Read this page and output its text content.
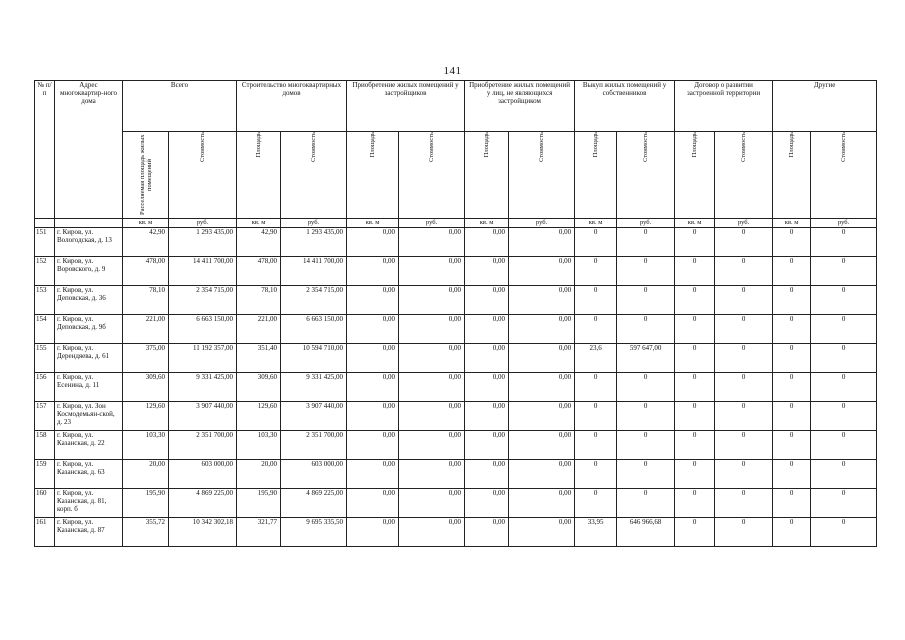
141
№ п/п	Адрес многоквартир-ного дома	Всего		Строительство многоквартирных домов		Приобретение жилых помещений у застройщиков		Приобретение жилых помещений у лиц, не являющихся застройщиком		Выкуп жилых помещений у собственников		Договор о развитии застроенной территории		Другие	

		Расселяемая площадь жилых помещений	Стоимость	Площадь	Стоимость	Площадь	Стоимость	Площадь	Стоимость	Площадь	Стоимость	Площадь	Стоимость	Площадь	Стоимость

		кв. м	руб.	кв. м	руб.	кв. м	руб.	кв. м	руб.	кв. м	руб.	кв. м	руб.	кв. м	руб.
151	г. Киров, ул. Вологодская, д. 13	42,90	1 293 435,00	42,90	1 293 435,00	0,00	0,00	0,00	0,00	0	0	0	0	0	0
152	г. Киров, ул. Воровского, д. 9	478,00	14 411 700,00	478,00	14 411 700,00	0,00	0,00	0,00	0,00	0	0	0	0	0	0
153	г. Киров, ул. Деповская, д. 36	78,10	2 354 715,00	78,10	2 354 715,00	0,00	0,00	0,00	0,00	0	0	0	0	0	0
154	г. Киров, ул. Деповская, д. 9б	221,00	6 663 150,00	221,00	6 663 150,00	0,00	0,00	0,00	0,00	0	0	0	0	0	0
155	г. Киров, ул. Дерендяева, д. 61	375,00	11 192 357,00	351,40	10 594 710,00	0,00	0,00	0,00	0,00	23,6	597 647,00	0	0	0	0
156	г. Киров, ул. Есенина, д. 11	309,60	9 331 425,00	309,60	9 331 425,00	0,00	0,00	0,00	0,00	0	0	0	0	0	0
157	г. Киров, ул. Зон Космодемьян-ской, д. 23	129,60	3 907 440,00	129,60	3 907 440,00	0,00	0,00	0,00	0,00	0	0	0	0	0	0
158	г. Киров, ул. Казанская, д. 22	103,30	2 351 700,00	103,30	2 351 700,00	0,00	0,00	0,00	0,00	0	0	0	0	0	0
159	г. Киров, ул. Казанская, д. 63	20,00	603 000,00	20,00	603 000,00	0,00	0,00	0,00	0,00	0	0	0	0	0	0
160	г. Киров, ул. Казанская, д. 81, корп. б	195,90	4 869 225,00	195,90	4 869 225,00	0,00	0,00	0,00	0,00	0	0	0	0	0	0
161	г. Киров, ул. Казанская, д. 87	355,72	10 342 302,18	321,77	9 695 335,50	0,00	0,00	0,00	0,00	33,95	646 966,68	0	0	0	0
